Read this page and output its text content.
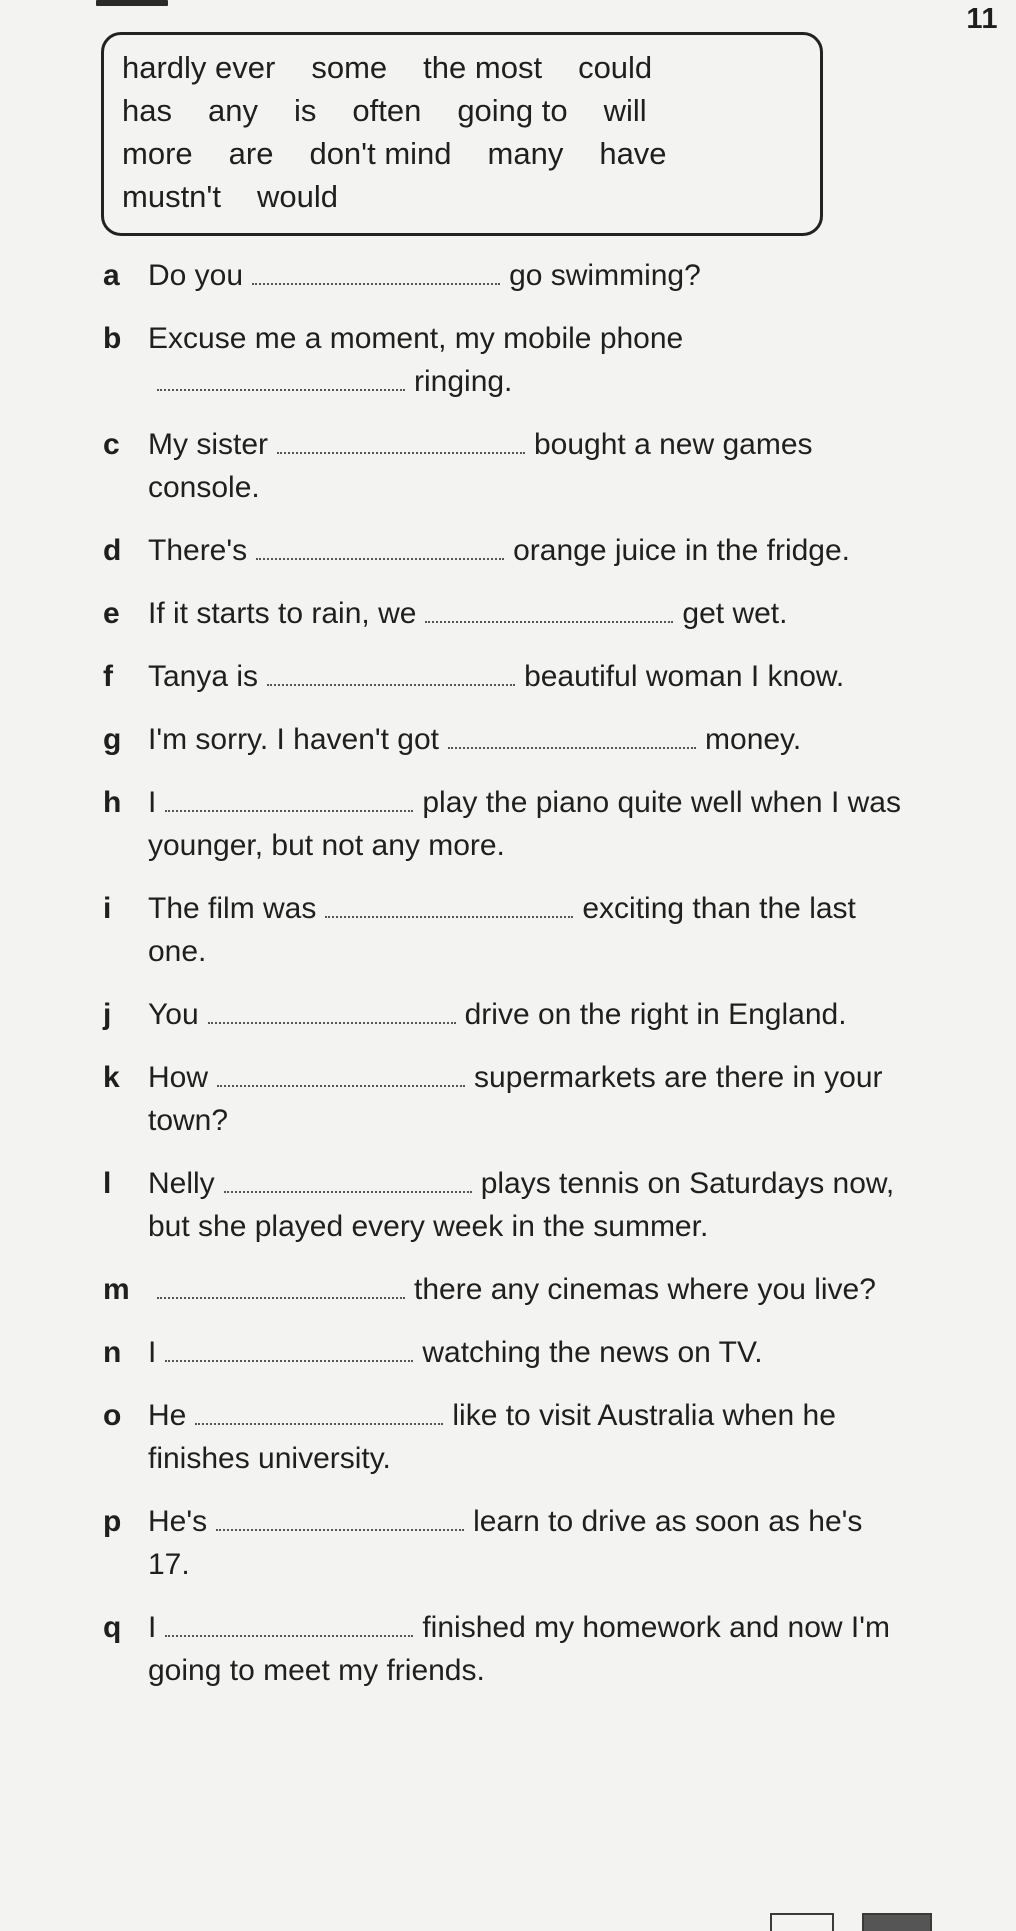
11
hardly ever some the most could
has any is often going to will
more are don't mind many have
mustn't would
a Do you	go swimming?
b Excuse me a moment, my mobile phoneringing.
c My sister	bought a new games console.
d There's	orange juice in the fridge.
e If it starts to rain, we	get wet.
f	Tanya is	beautiful woman I know.
g I'm sorry. I haven't got	money.
h I	play the piano quite well when I was younger, but not any more.
i	The film was	exciting than the last one.
j	You	drive on the right in England.
k How	supermarkets are there in your town?
l	Nelly	plays tennis on Saturdays now, but she played every week in the summer.
m	there any cinemas where you live?
n I	watching the news on TV.
o He	like to visit Australia when he finishes university.
p He's	learn to drive as soon as he's 17.
q I	finished my homework and now I'm going to meet my friends.
